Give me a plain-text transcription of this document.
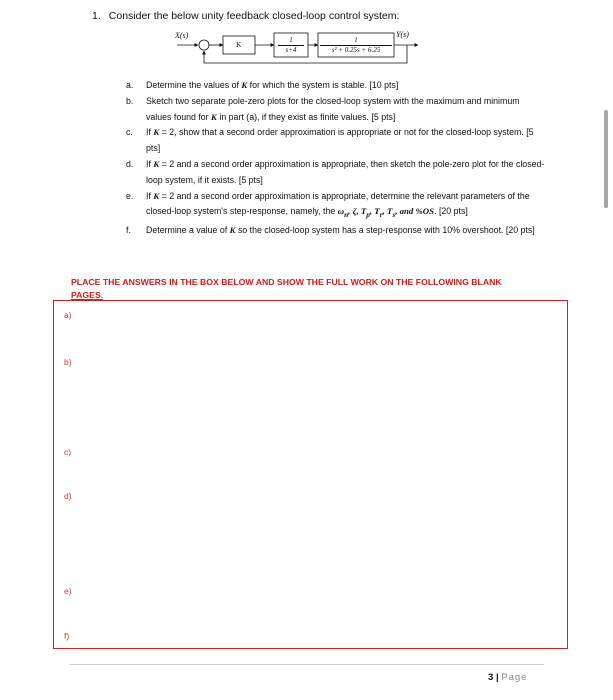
1. Consider the below unity feedback closed-loop control system:
X(s)	Y(s)
K	$\frac{1}{s+4} \frac{1}{\text{s² + 0.25s + 6.25}}$
a. Determine the values of K for which the system is stable. [10 pts]
b. Sketch two separate pole-zero plots for the closed-loop system with the maximum and minimum values found for K in part (a), if they exist as finite values. [5 pts]
c. If K = 2, show that a second order approximation is appropriate or not for the closed-loop system. [5 pts]
d. If K = 2 and a second order approximation is appropriate, then sketch the pole-zero plot for the closed-loop system, if it exists. [5 pts]
e. If K = 2 and a second order approximation is appropriate, determine the relevant parameters of the closed-loop system's step-response, namely, the $\omega_n$, ζ, $T_p$, $T_r$, $T_s$, and %OS. [20 pts]
f. Determine a value of K so the closed-loop system has a step-response with 10% overshoot. [20 pts]
PLACE THE ANSWERS IN THE BOX BELOW AND SHOW THE FULL WORK ON THE FOLLOWING BLANK
PAGES.
a)
b)
c)
d)
e)
f)
3 | Page
